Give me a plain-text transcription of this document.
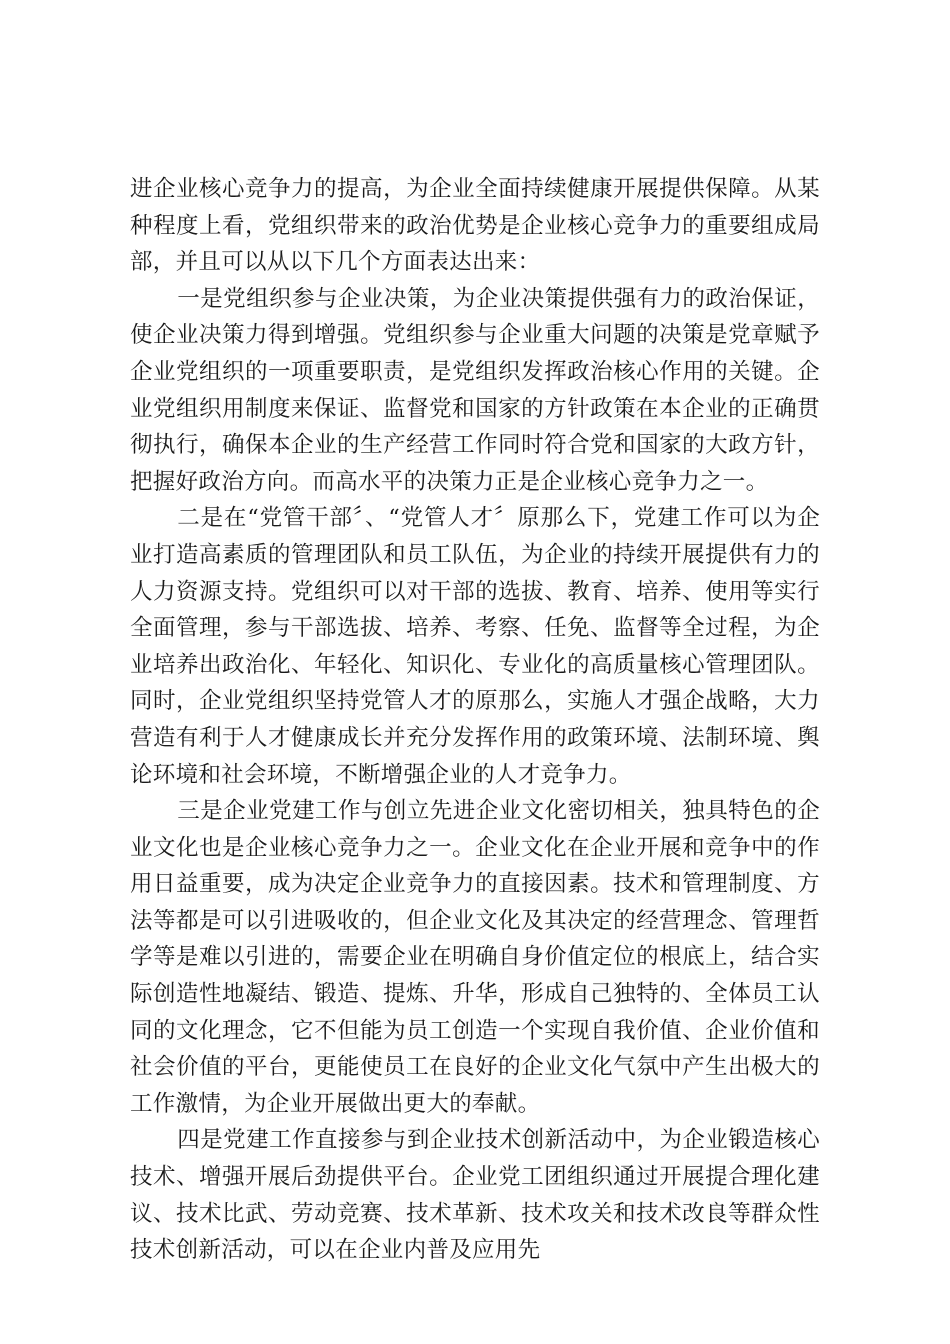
进企业核心竞争力的提高，为企业全面持续健康开展提供保障。从某种程度上看，党组织带来的政治优势是企业核心竞争力的重要组成局部，并且可以从以下几个方面表达出来：

一是党组织参与企业决策，为企业决策提供强有力的政治保证，使企业决策力得到增强。党组织参与企业重大问题的决策是党章赋予企业党组织的一项重要职责，是党组织发挥政治核心作用的关键。企业党组织用制度来保证、监督党和国家的方针政策在本企业的正确贯彻执行，确保本企业的生产经营工作同时符合党和国家的大政方针，把握好政治方向。而高水平的决策力正是企业核心竞争力之一。

二是在“党管干部〞、“党管人才〞原那么下，党建工作可以为企业打造高素质的管理团队和员工队伍，为企业的持续开展提供有力的人力资源支持。党组织可以对干部的选拔、教育、培养、使用等实行全面管理，参与干部选拔、培养、考察、任免、监督等全过程，为企业培养出政治化、年轻化、知识化、专业化的高质量核心管理团队。同时，企业党组织坚持党管人才的原那么，实施人才强企战略，大力营造有利于人才健康成长并充分发挥作用的政策环境、法制环境、舆论环境和社会环境，不断增强企业的人才竞争力。

三是企业党建工作与创立先进企业文化密切相关，独具特色的企业文化也是企业核心竞争力之一。企业文化在企业开展和竞争中的作用日益重要，成为决定企业竞争力的直接因素。技术和管理制度、方法等都是可以引进吸收的，但企业文化及其决定的经营理念、管理哲学等是难以引进的，需要企业在明确自身价值定位的根底上，结合实际创造性地凝结、锻造、提炼、升华，形成自己独特的、全体员工认同的文化理念，它不但能为员工创造一个实现自我价值、企业价值和社会价值的平台，更能使员工在良好的企业文化气氛中产生出极大的工作激情，为企业开展做出更大的奉献。

四是党建工作直接参与到企业技术创新活动中，为企业锻造核心技术、增强开展后劲提供平台。企业党工团组织通过开展提合理化建议、技术比武、劳动竞赛、技术革新、技术攻关和技术改良等群众性技术创新活动，可以在企业内普及应用先
